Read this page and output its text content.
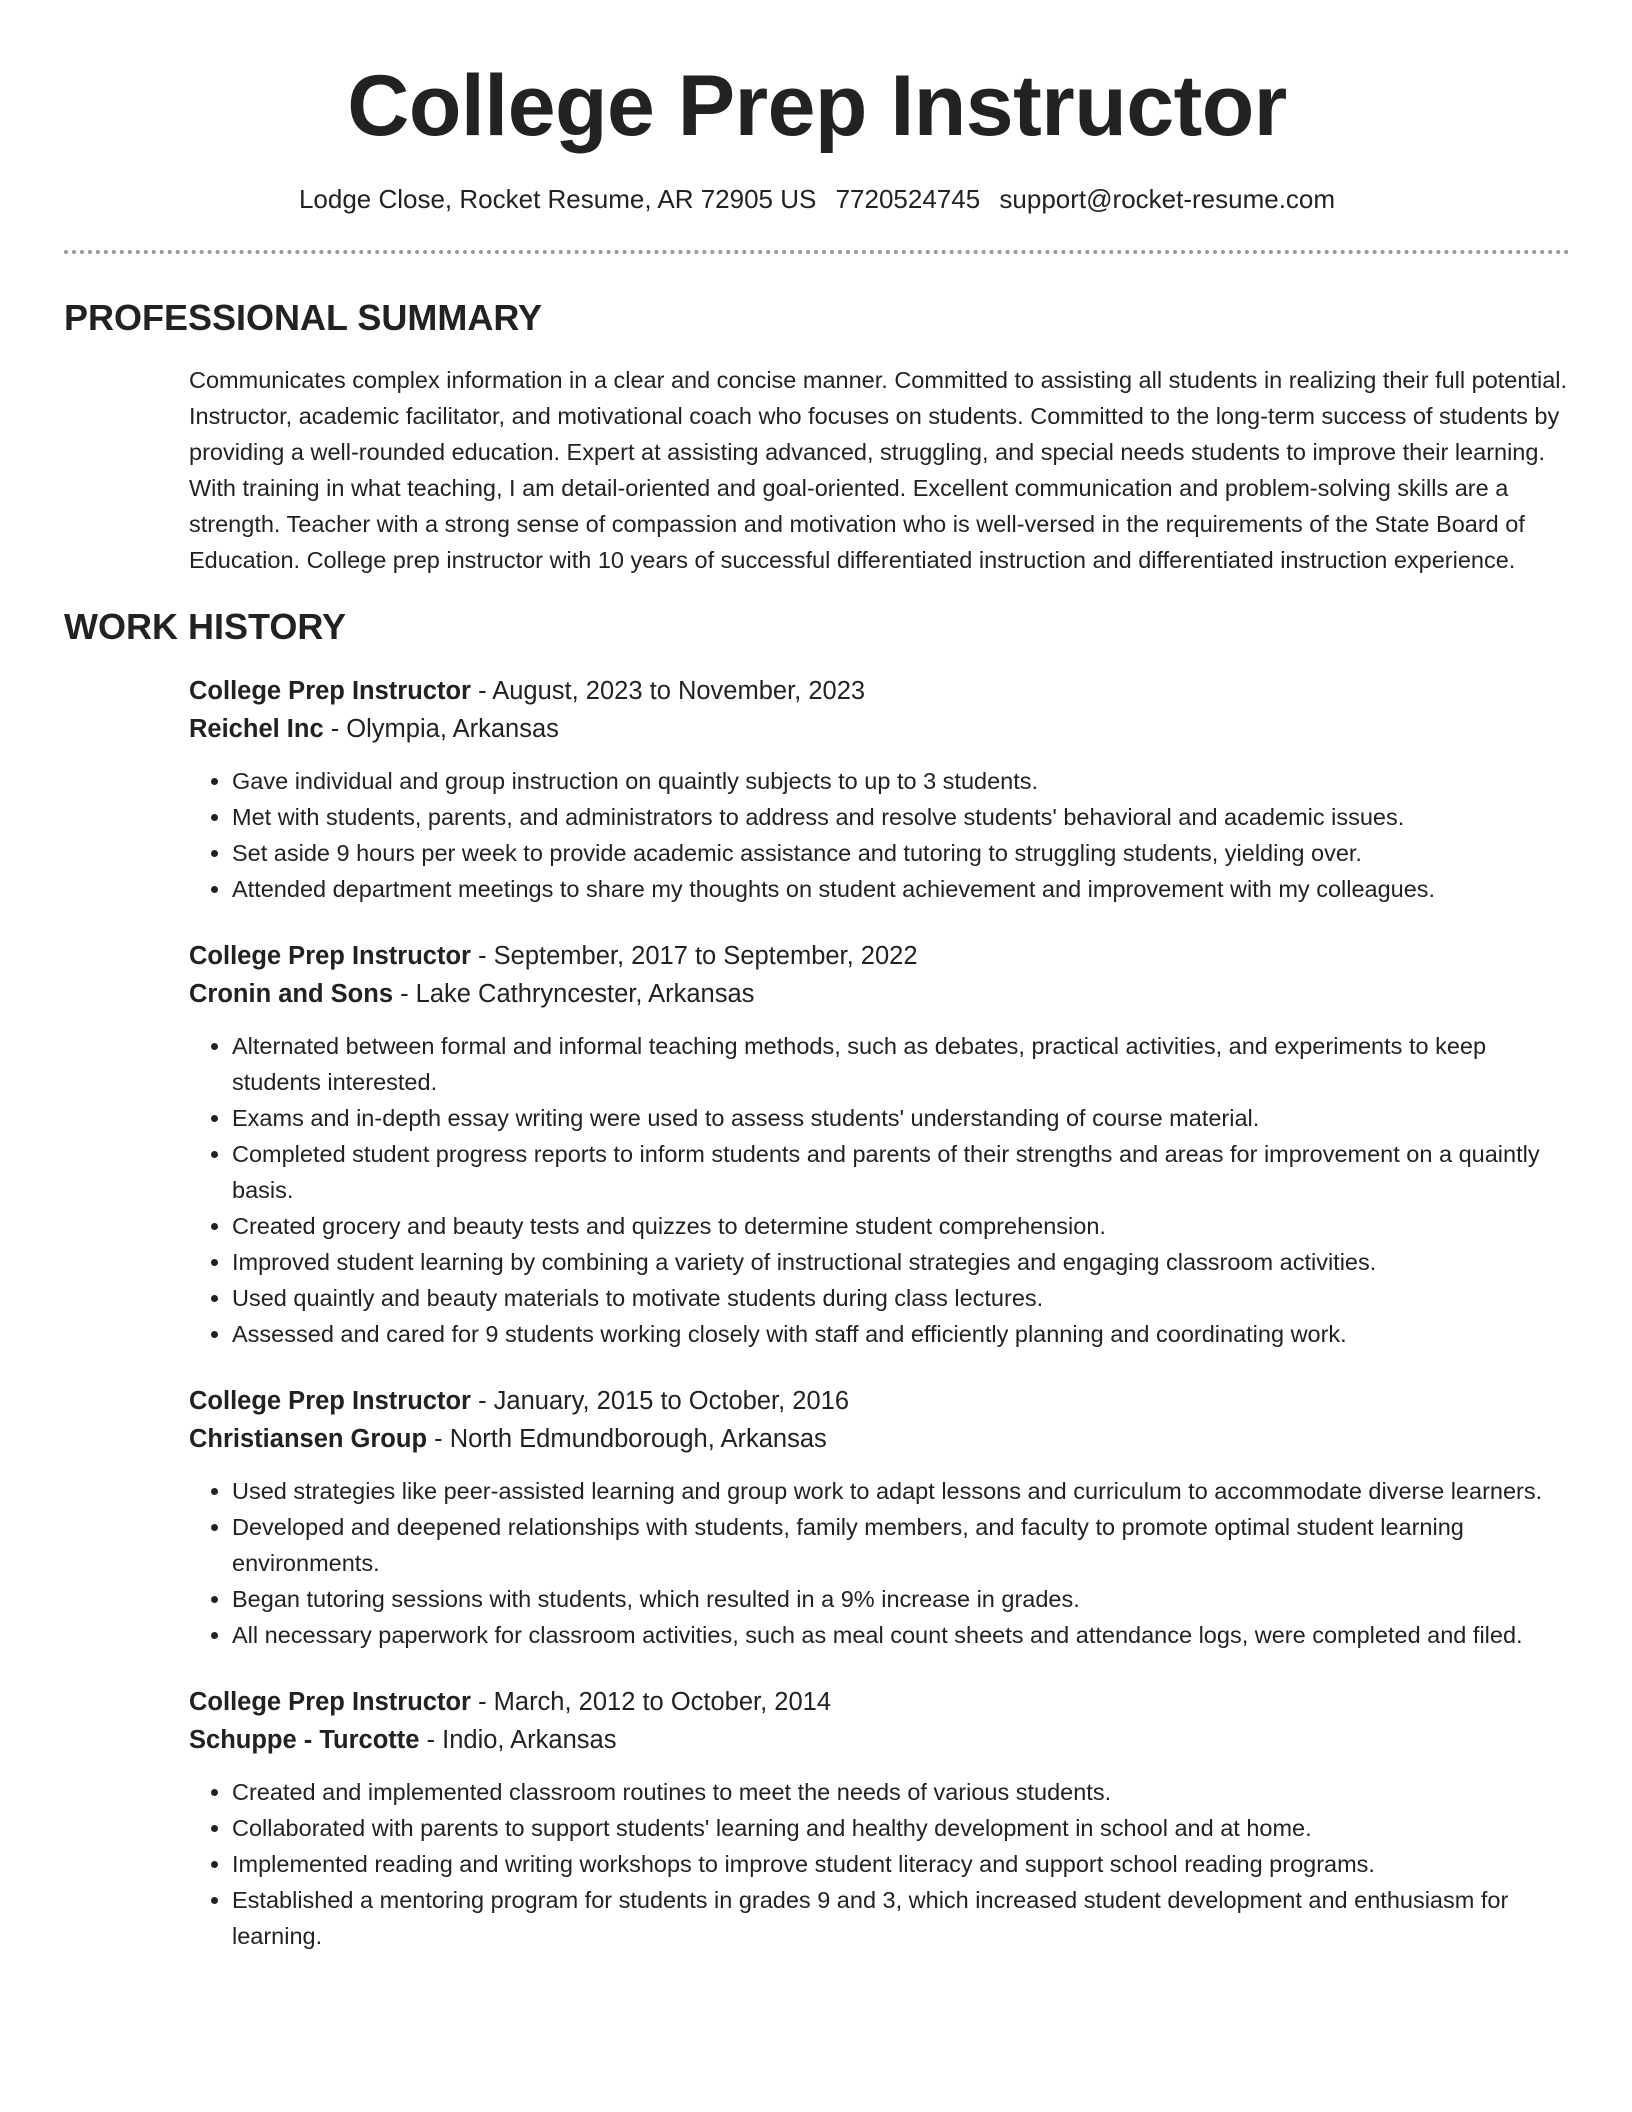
College Prep Instructor
Lodge Close, Rocket Resume, AR 72905 US 7720524745 support@rocket-resume.com
PROFESSIONAL SUMMARY

Communicates complex information in a clear and concise manner. Committed to assisting all students in realizing their full potential. Instructor, academic facilitator, and motivational coach who focuses on students. Committed to the long-term success of students by providing a well-rounded education. Expert at assisting advanced, struggling, and special needs students to improve their learning. With training in what teaching, I am detail-oriented and goal-oriented. Excellent communication and problem-solving skills are a strength. Teacher with a strong sense of compassion and motivation who is well-versed in the requirements of the State Board of Education. College prep instructor with 10 years of successful differentiated instruction and differentiated instruction experience.

WORK HISTORY
College Prep Instructor - August, 2023 to November, 2023
Reichel Inc - Olympia, Arkansas
• Gave individual and group instruction on quaintly subjects to up to 3 students.
• Met with students, parents, and administrators to address and resolve students' behavioral and academic issues.
• Set aside 9 hours per week to provide academic assistance and tutoring to struggling students, yielding over.
• Attended department meetings to share my thoughts on student achievement and improvement with my colleagues.
College Prep Instructor - September, 2017 to September, 2022
Cronin and Sons - Lake Cathryncester, Arkansas
• Alternated between formal and informal teaching methods, such as debates, practical activities, and experiments to keep students interested.
• Exams and in-depth essay writing were used to assess students' understanding of course material.
• Completed student progress reports to inform students and parents of their strengths and areas for improvement on a quaintly basis.
• Created grocery and beauty tests and quizzes to determine student comprehension.
• Improved student learning by combining a variety of instructional strategies and engaging classroom activities.
• Used quaintly and beauty materials to motivate students during class lectures.
• Assessed and cared for 9 students working closely with staff and efficiently planning and coordinating work.
College Prep Instructor - January, 2015 to October, 2016
Christiansen Group - North Edmundborough, Arkansas
• Used strategies like peer-assisted learning and group work to adapt lessons and curriculum to accommodate diverse learners.
• Developed and deepened relationships with students, family members, and faculty to promote optimal student learning environments.
• Began tutoring sessions with students, which resulted in a 9% increase in grades.
• All necessary paperwork for classroom activities, such as meal count sheets and attendance logs, were completed and filed.
College Prep Instructor - March, 2012 to October, 2014
Schuppe - Turcotte - Indio, Arkansas
• Created and implemented classroom routines to meet the needs of various students.
• Collaborated with parents to support students' learning and healthy development in school and at home.
• Implemented reading and writing workshops to improve student literacy and support school reading programs.
• Established a mentoring program for students in grades 9 and 3, which increased student development and enthusiasm for learning.
